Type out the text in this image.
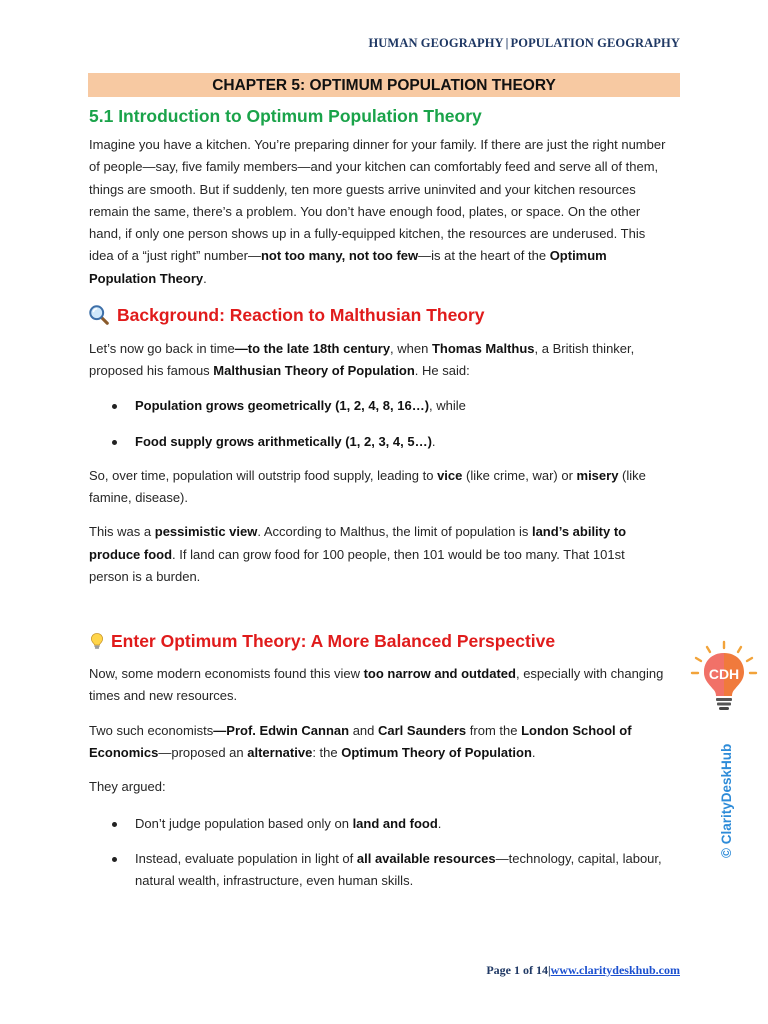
HUMAN GEOGRAPHY | POPULATION GEOGRAPHY
CHAPTER 5: OPTIMUM POPULATION THEORY
5.1 Introduction to Optimum Population Theory

Imagine you have a kitchen. You’re preparing dinner for your family. If there are just the right number of people—say, five family members—and your kitchen can comfortably feed and serve all of them, things are smooth. But if suddenly, ten more guests arrive uninvited and your kitchen resources remain the same, there’s a problem. You don’t have enough food, plates, or space. On the other hand, if only one person shows up in a fully-equipped kitchen, the resources are underused. This idea of a “just right” number—not too many, not too few—is at the heart of the Optimum Population Theory.

Background: Reaction to Malthusian Theory

Let’s now go back in time—to the late 18th century, when Thomas Malthus, a British thinker, proposed his famous Malthusian Theory of Population. He said:

Population grows geometrically (1, 2, 4, 8, 16…), while
Food supply grows arithmetically (1, 2, 3, 4, 5…).

So, over time, population will outstrip food supply, leading to vice (like crime, war) or misery (like famine, disease).

This was a pessimistic view. According to Malthus, the limit of population is land’s ability to produce food. If land can grow food for 100 people, then 101 would be too many. That 101st person is a burden.

Enter Optimum Theory: A More Balanced Perspective

Now, some modern economists found this view too narrow and outdated, especially with changing times and new resources.

Two such economists—Prof. Edwin Cannan and Carl Saunders from the London School of Economics—proposed an alternative: the Optimum Theory of Population.

They argued:

Don’t judge population based only on land and food.
Instead, evaluate population in light of all available resources—technology, capital, labour, natural wealth, infrastructure, even human skills.
CDH
© ClarityDeskHub
Page 1 of 14|www.claritydeskhub.com
